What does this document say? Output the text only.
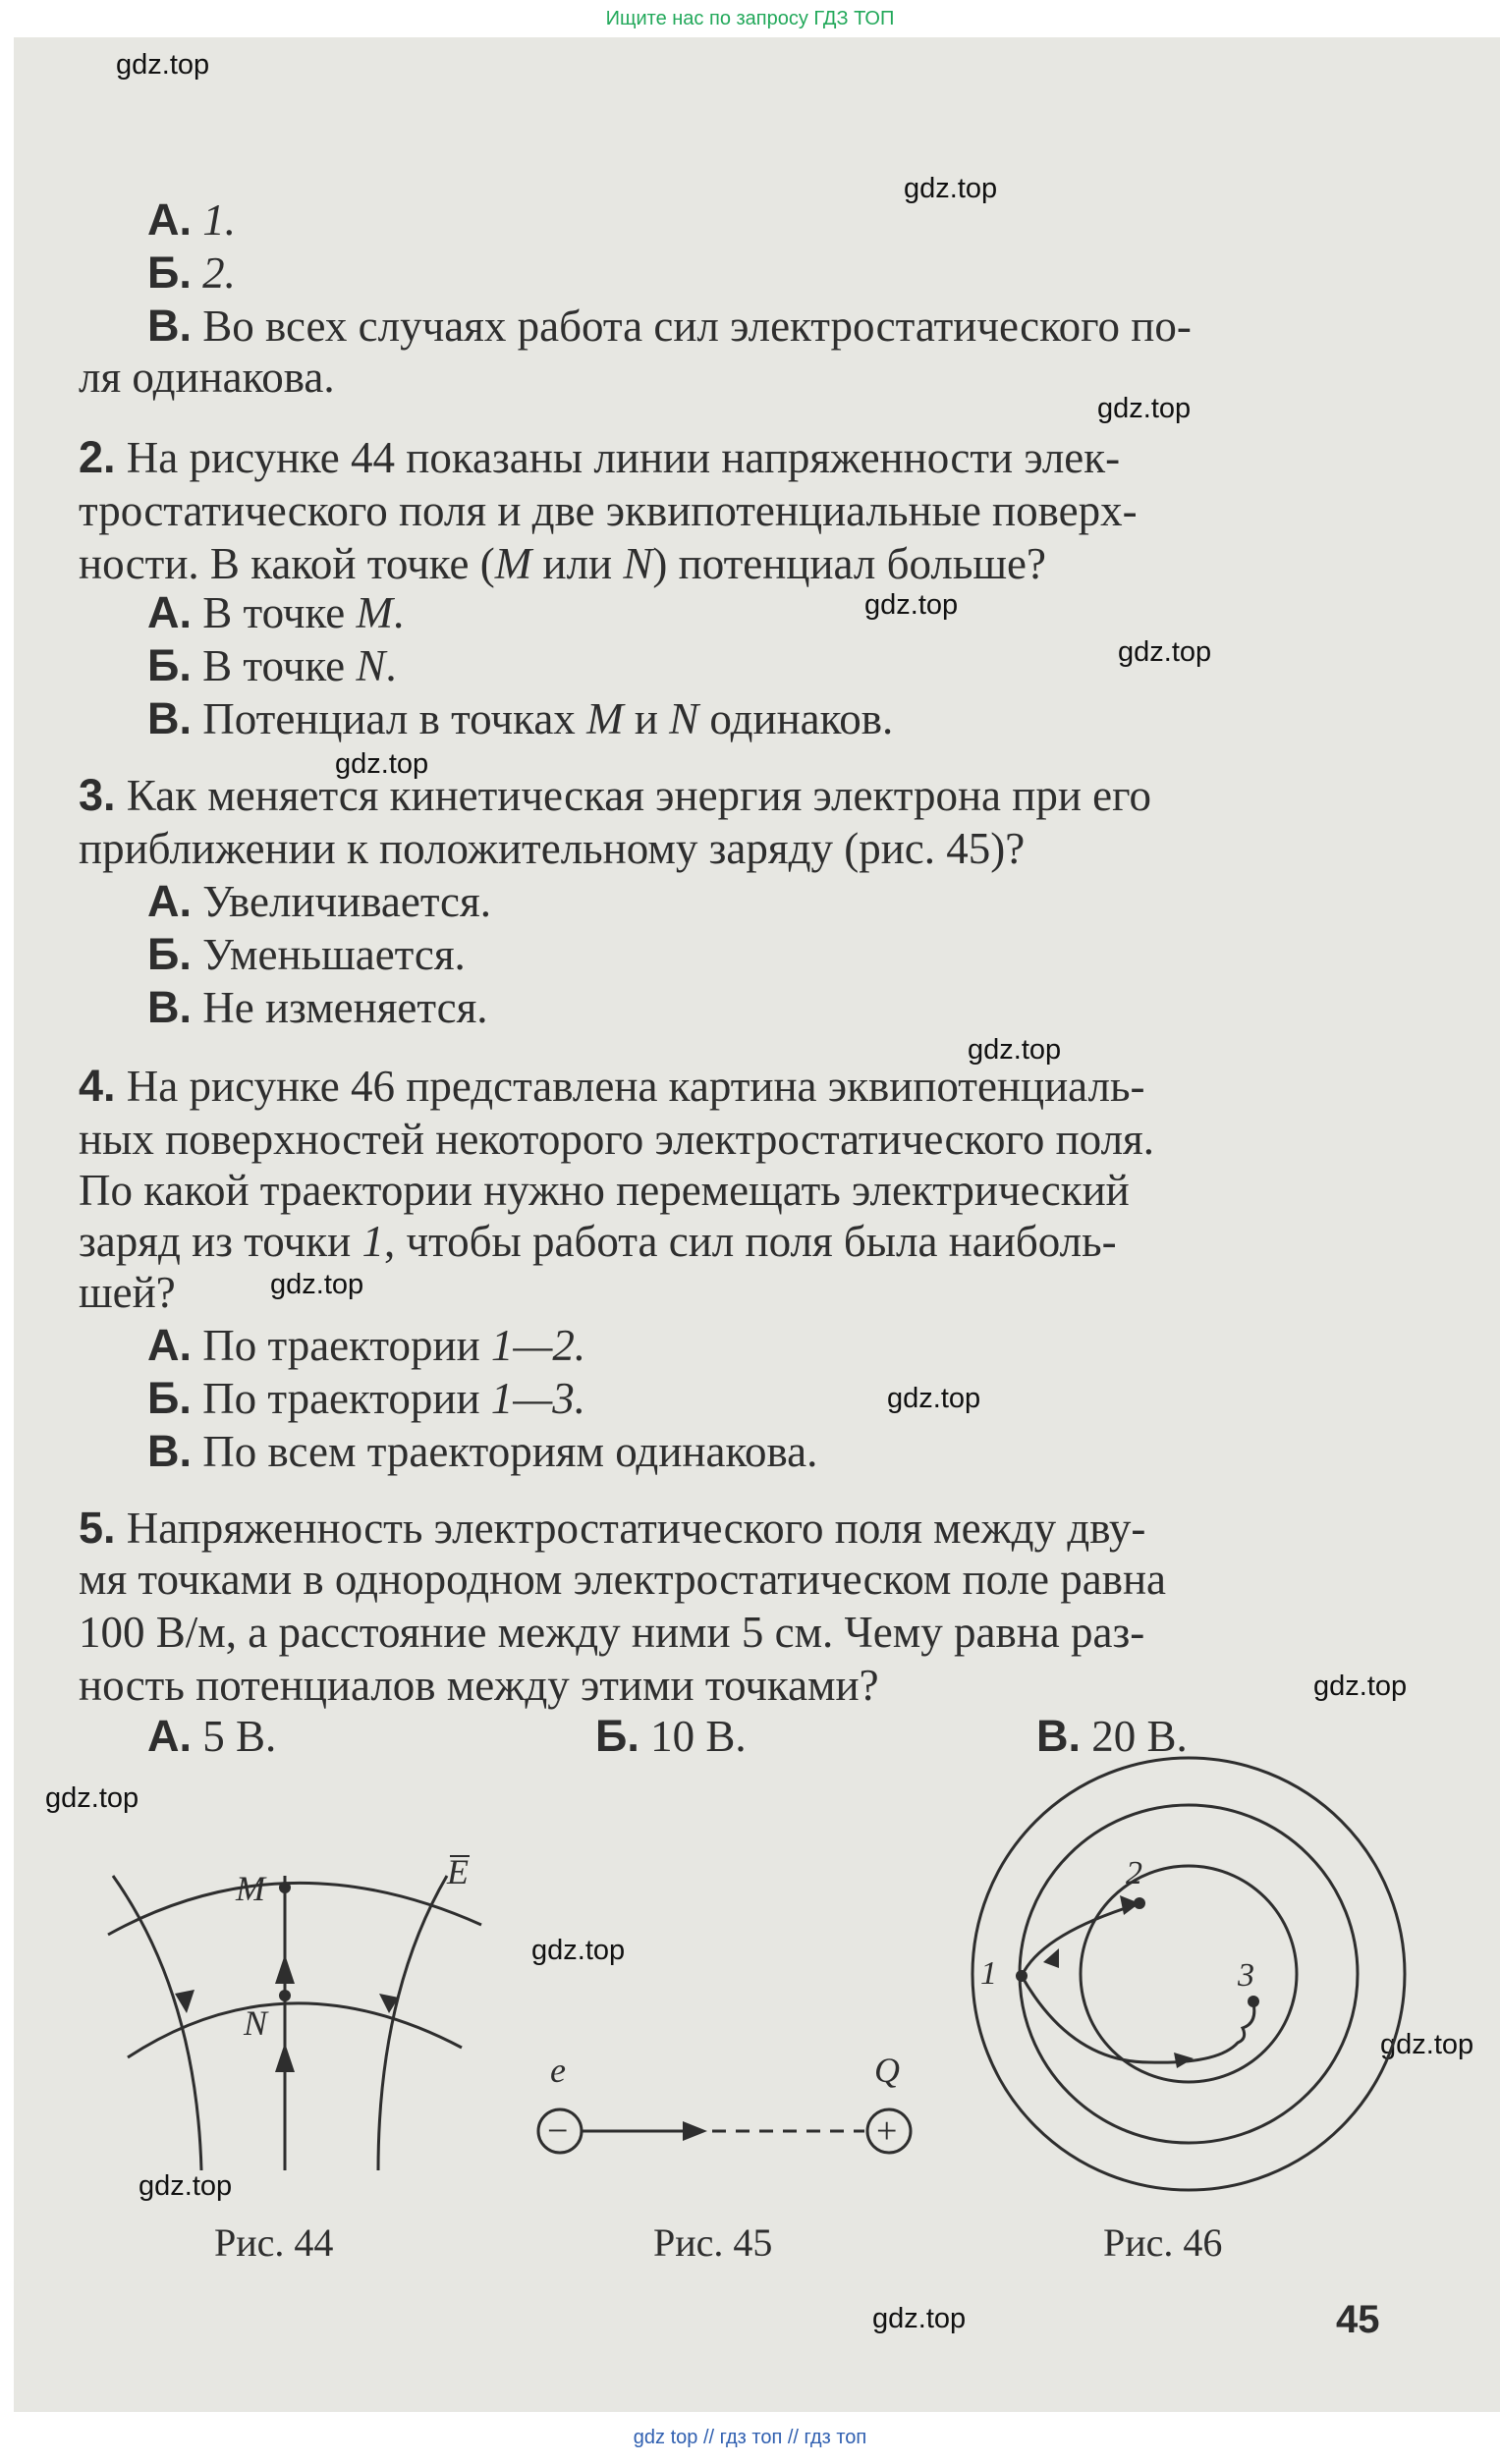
Ищите нас по запросу ГДЗ ТОП
gdz.top
gdz.top
gdz.top
gdz.top
gdz.top
gdz.top
gdz.top
gdz.top
gdz.top
gdz.top
gdz.top
gdz.top
gdz.top
gdz.top
gdz.top
А. 1.
Б. 2.
В. Во всех случаях работа сил электростатического по-
ля одинакова.
2. На рисунке 44 показаны линии напряженности элек-
тростатического поля и две эквипотенциальные поверх-
ности. В какой точке (M или N) потенциал больше?
А. В точке M.
Б. В точке N.
В. Потенциал в точках M и N одинаков.
3. Как меняется кинетическая энергия электрона при его
приближении к положительному заряду (рис. 45)?
А. Увеличивается.
Б. Уменьшается.
В. Не изменяется.
4. На рисунке 46 представлена картина эквипотенциаль-
ных поверхностей некоторого электростатического поля.
По какой траектории нужно перемещать электрический
заряд из точки 1, чтобы работа сил поля была наиболь-
шей?
А. По траектории 1—2.
Б. По траектории 1—3.
В. По всем траекториям одинакова.
5. Напряженность электростатического поля между дву-
мя точками в однородном электростатическом поле равна
100 В/м, а расстояние между ними 5 см. Чему равна раз-
ность потенциалов между этими точками?
А. 5 В.	Б. 10 В.	В. 20 В.
M
N
E
Рис. 44
e	Q
−	+
Рис. 45
1
2
3
Рис. 46
45
gdz top // гдз топ // гдз топ
